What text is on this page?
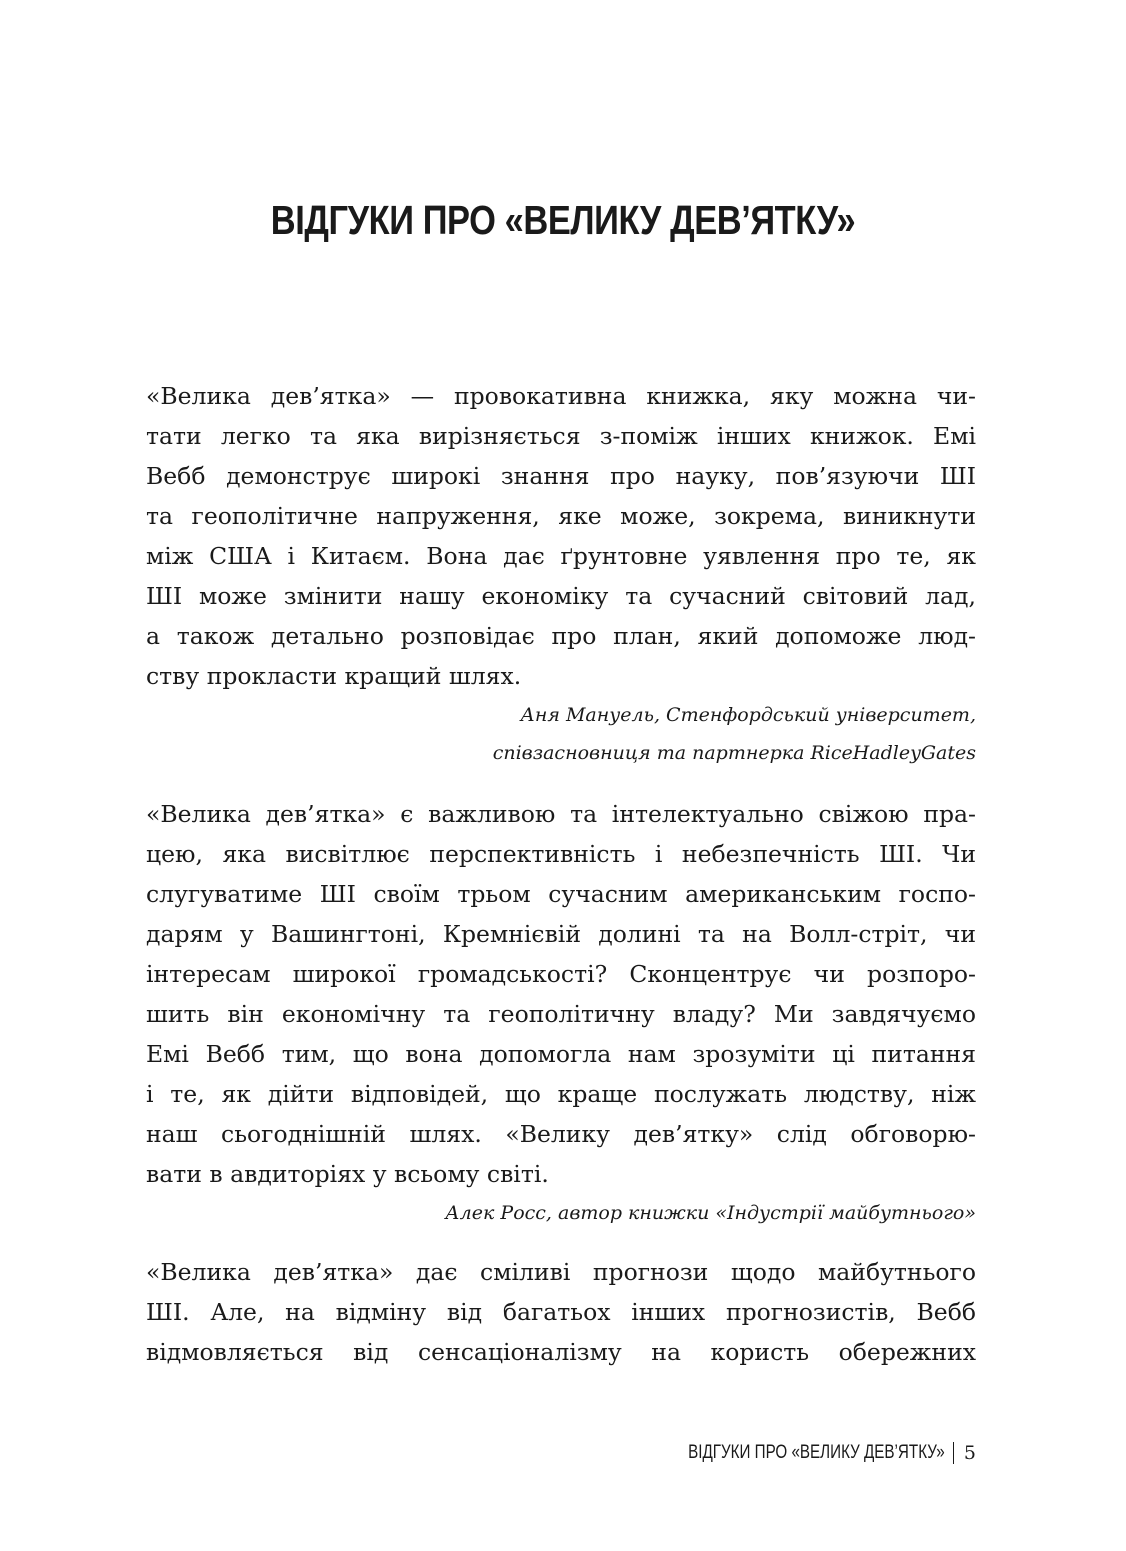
ВІДГУКИ ПРО «ВЕЛИКУ ДЕВ’ЯТКУ»
«Велика дев’ятка» — провокативна книжка, яку можна чи-
тати легко та яка вирізняється з-поміж інших книжок. Емі
Вебб демонструє широкі знання про науку, пов’язуючи ШІ
та геополітичне напруження, яке може, зокрема, виникнути
між США і Китаєм. Вона дає ґрунтовне уявлення про те, як
ШІ може змінити нашу економіку та сучасний світовий лад,
а також детально розповідає про план, який допоможе люд-
ству прокласти кращий шлях.
Аня Мануель, Стенфордський університет,
співзасновниця та партнерка RiceHadleyGates
«Велика дев’ятка» є важливою та інтелектуально свіжою пра-
цею, яка висвітлює перспективність і небезпечність ШІ. Чи
слугуватиме ШІ своїм трьом сучасним американським госпо-
дарям у Вашингтоні, Кремнієвій долині та на Волл-стріт, чи
інтересам широкої громадськості? Сконцентрує чи розпоро-
шить він економічну та геополітичну владу? Ми завдячуємо
Емі Вебб тим, що вона допомогла нам зрозуміти ці питання
і те, як дійти відповідей, що краще послужать людству, ніж
наш сьогоднішній шлях. «Велику дев’ятку» слід обговорю-
вати в авдиторіях у всьому світі.
Алек Росс, автор книжки «Індустрії майбутнього»
«Велика дев’ятка» дає сміливі прогнози щодо майбутнього
ШІ. Але, на відміну від багатьох інших прогнозистів, Вебб
відмовляється від сенсаціоналізму на користь обережних
ВІДГУКИ ПРО «ВЕЛИКУ ДЕВ’ЯТКУ» 5
